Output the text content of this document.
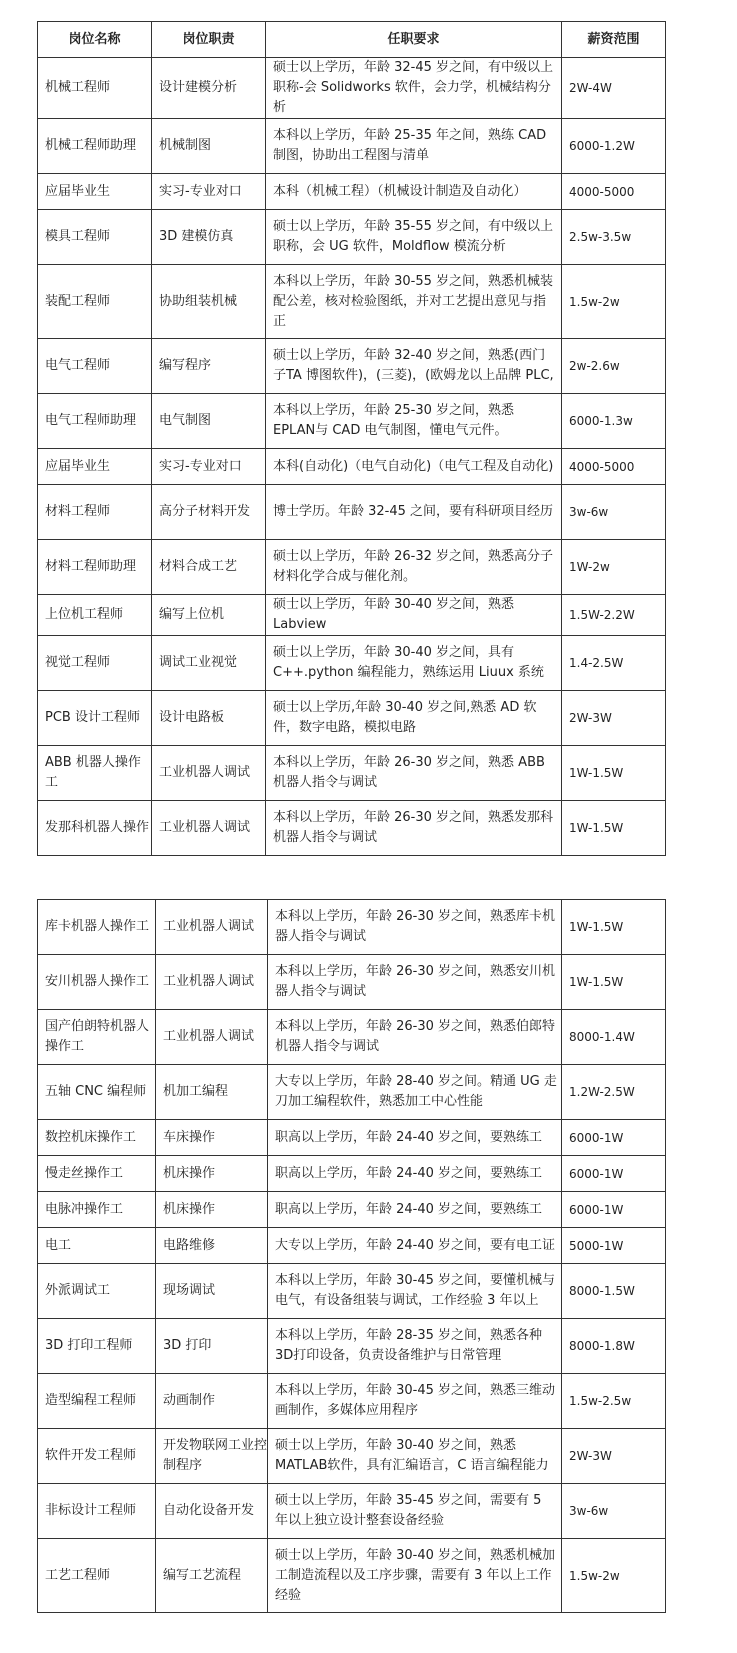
岗位名称	岗位职责	任职要求	薪资范围
机械工程师	设计建模分析	硕士以上学历，年龄 32-45 岁之间，有中级以上职称-会 Solidworks 软件，会力学，机械结构分析	2W-4W
机械工程师助理	机械制图	本科以上学历，年龄 25-35 年之间，熟练 CAD 制图，协助出工程图与清单	6000-1.2W
应届毕业生	实习-专业对口	本科（机械工程）（机械设计制造及自动化）	4000-5000
模具工程师	3D 建模仿真	硕士以上学历，年龄 35-55 岁之间，有中级以上职称，会 UG 软件，Moldflow 模流分析	2.5w-3.5w
装配工程师	协助组装机械	本科以上学历，年龄 30-55 岁之间，熟悉机械装配公差，核对检验图纸，并对工艺提出意见与指正	1.5w-2w
电气工程师	编写程序	硕士以上学历，年龄 32-40 岁之间，熟悉(西门子TA 博图软件)，(三菱)，(欧姆龙以上品牌 PLC,	2w-2.6w
电气工程师助理	电气制图	本科以上学历，年龄 25-30 岁之间，熟悉 EPLAN与 CAD 电气制图，懂电气元件。	6000-1.3w
应届毕业生	实习-专业对口	本科(自动化)（电气自动化)（电气工程及自动化)	4000-5000
材料工程师	高分子材料开发	博士学历。年龄 32-45 之间，要有科研项目经历	3w-6w
材料工程师助理	材料合成工艺	硕士以上学历，年龄 26-32 岁之间，熟悉高分子材料化学合成与催化剂。	1W-2w
上位机工程师	编写上位机	硕士以上学历，年龄 30-40 岁之间，熟悉 Labview	1.5W-2.2W
视觉工程师	调试工业视觉	硕士以上学历，年龄 30-40 岁之间，具有C++.python 编程能力，熟练运用 Liuux 系统	1.4-2.5W
PCB 设计工程师	设计电路板	硕士以上学历,年龄 30-40 岁之间,熟悉 AD 软件，数字电路，模拟电路	2W-3W
ABB 机器人操作工	工业机器人调试	本科以上学历，年龄 26-30 岁之间，熟悉 ABB 机器人指令与调试	1W-1.5W
发那科机器人操作	工业机器人调试	本科以上学历，年龄 26-30 岁之间，熟悉发那科机器人指令与调试	1W-1.5W
库卡机器人操作工	工业机器人调试	本科以上学历，年龄 26-30 岁之间，熟悉库卡机器人指令与调试	1W-1.5W
安川机器人操作工	工业机器人调试	本科以上学历，年龄 26-30 岁之间，熟悉安川机器人指令与调试	1W-1.5W
国产伯朗特机器人操作工	工业机器人调试	本科以上学历，年龄 26-30 岁之间，熟悉伯郎特机器人指令与调试	8000-1.4W
五轴 CNC 编程师	机加工编程	大专以上学历，年龄 28-40 岁之间。精通 UG 走刀加工编程软件，熟悉加工中心性能	1.2W-2.5W
数控机床操作工	车床操作	职高以上学历，年龄 24-40 岁之间，要熟练工	6000-1W
慢走丝操作工	机床操作	职高以上学历，年龄 24-40 岁之间，要熟练工	6000-1W
电脉冲操作工	机床操作	职高以上学历，年龄 24-40 岁之间，要熟练工	6000-1W
电工	电路维修	大专以上学历，年龄 24-40 岁之间，要有电工证	5000-1W
外派调试工	现场调试	本科以上学历，年龄 30-45 岁之间，要懂机械与电气，有设备组装与调试，工作经验 3 年以上	8000-1.5W
3D 打印工程师	3D 打印	本科以上学历，年龄 28-35 岁之间，熟悉各种 3D打印设备，负责设备维护与日常管理	8000-1.8W
造型编程工程师	动画制作	本科以上学历，年龄 30-45 岁之间，熟悉三维动画制作，多媒体应用程序	1.5w-2.5w
软件开发工程师	开发物联网工业控制程序	硕士以上学历，年龄 30-40 岁之间，熟悉 MATLAB软件，具有汇编语言，C 语言编程能力	2W-3W
非标设计工程师	自动化设备开发	硕士以上学历，年龄 35-45 岁之间，需要有 5 年以上独立设计整套设备经验	3w-6w
工艺工程师	编写工艺流程	硕士以上学历，年龄 30-40 岁之间，熟悉机械加工制造流程以及工序步骤，需要有 3 年以上工作经验	1.5w-2w
